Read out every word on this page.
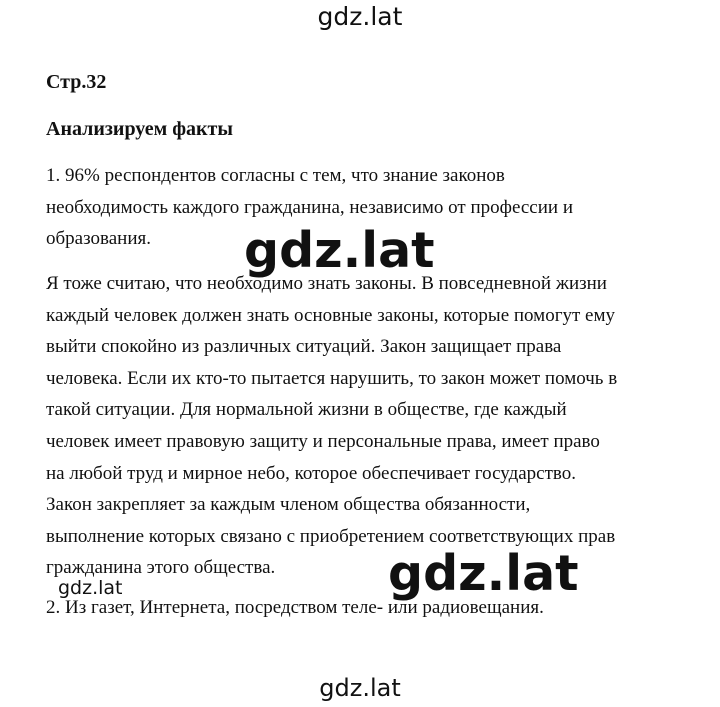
gdz.lat
Стр.32
Анализируем факты

1. 96% респондентов согласны с тем, что знание законов
необходимость каждого гражданина, независимо от профессии и
образования.

Я тоже считаю, что необходимо знать законы. В повседневной жизни
каждый человек должен знать основные законы, которые помогут ему
выйти спокойно из различных ситуаций. Закон защищает права
человека. Если их кто-то пытается нарушить, то закон может помочь в
такой ситуации. Для нормальной жизни в обществе, где каждый
человек имеет правовую защиту и персональные права, имеет право
на любой труд и мирное небо, которое обеспечивает государство.
Закон закрепляет за каждым членом общества обязанности,
выполнение которых связано с приобретением соответствующих прав
гражданина этого общества.

2. Из газет, Интернета, посредством теле- или радиовещания.

gdz.lat
gdz.lat	gdz.lat
gdz.lat
